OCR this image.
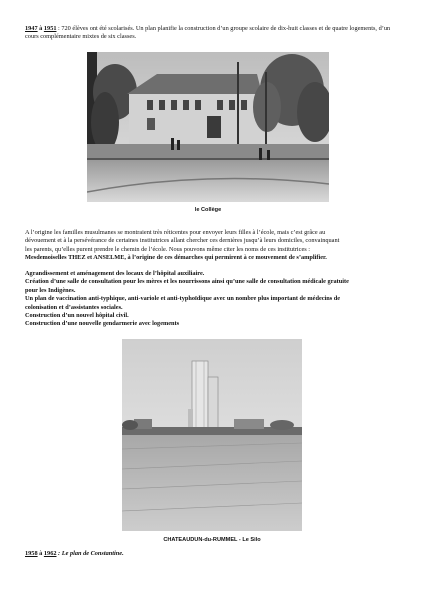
1947 à 1951 : 720 élèves ont été scolarisés. Un plan planifie la construction d’un groupe scolaire de dix-huit classes et de quatre logements, d’un cours complémentaire mixtes de six classes.
le Collège
A l’origine les familles musulmanes se montraient très réticentes pour envoyer leurs filles à l’école, mais c’est grâce au
dévouement et à la persévérance de certaines institutrices allant chercher ces dernières jusqu’à leurs domiciles, convainquant
les parents, qu’elles purent prendre le chemin de l’école. Nous pouvons même citer les noms de ces institutrices :
Mesdemoiselles THEZ et ANSELME, à l’origine de ces démarches qui permirent à ce mouvement de s’amplifier.
Agrandissement et aménagement des locaux de l’hôpital auxiliaire.
Création d’une salle de consultation pour les mères et les nourrissons ainsi qu’une salle de consultation médicale gratuite
pour les Indigènes.
Un plan de vaccination anti-typhique, anti-variole et anti-typhoïdique avec un nombre plus important de médecins de
colonisation et d’assistantes sociales.
Construction d’un nouvel hôpital civil.
Construction d’une nouvelle gendarmerie avec logements
CHATEAUDUN-du-RUMMEL - Le Silo
1958 à 1962 : Le plan de Constantine.
